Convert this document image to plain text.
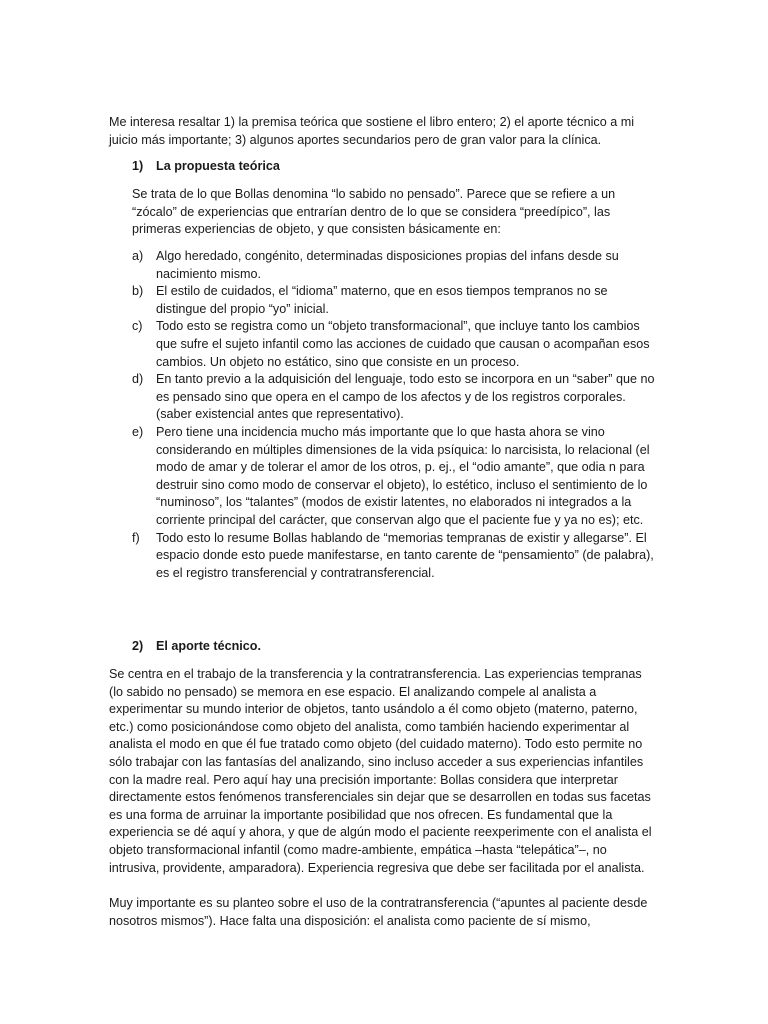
Me interesa resaltar 1) la premisa teórica que sostiene el libro entero; 2) el aporte técnico a mi juicio más importante; 3) algunos aportes secundarios pero de gran valor para la clínica.

1) La propuesta teórica

Se trata de lo que Bollas denomina “lo sabido no pensado”. Parece que se refiere a un “zócalo” de experiencias que entrarían dentro de lo que se considera “preedípico”, las primeras experiencias de objeto, y que consisten básicamente en:

a) Algo heredado, congénito, determinadas disposiciones propias del infans desde su nacimiento mismo.
b) El estilo de cuidados, el “idioma” materno, que en esos tiempos tempranos no se distingue del propio “yo” inicial.
c) Todo esto se registra como un “objeto transformacional”, que incluye tanto los cambios que sufre el sujeto infantil como las acciones de cuidado que causan o acompañan esos cambios. Un objeto no estático, sino que consiste en un proceso.
d) En tanto previo a la adquisición del lenguaje, todo esto se incorpora en un “saber” que no es pensado sino que opera en el campo de los afectos y de los registros corporales. (saber existencial antes que representativo).
e) Pero tiene una incidencia mucho más importante que lo que hasta ahora se vino considerando en múltiples dimensiones de la vida psíquica: lo narcisista, lo relacional (el modo de amar y de tolerar el amor de los otros, p. ej., el “odio amante”, que odia n para destruir sino como modo de conservar el objeto), lo estético, incluso el sentimiento de lo “numinoso”, los “talantes” (modos de existir latentes, no elaborados ni integrados a la corriente principal del carácter, que conservan algo que el paciente fue y ya no es); etc.
f) Todo esto lo resume Bollas hablando de “memorias tempranas de existir y allegarse”. El espacio donde esto puede manifestarse, en tanto carente de “pensamiento” (de palabra), es el registro transferencial y contratransferencial.
2) El aporte técnico.

Se centra en el trabajo de la transferencia y la contratransferencia. Las experiencias tempranas (lo sabido no pensado) se memora en ese espacio. El analizando compele al analista a experimentar su mundo interior de objetos, tanto usándolo a él como objeto (materno, paterno, etc.) como posicionándose como objeto del analista, como también haciendo experimentar al analista el modo en que él fue tratado como objeto (del cuidado materno). Todo esto permite no sólo trabajar con las fantasías del analizando, sino incluso acceder a sus experiencias infantiles con la madre real. Pero aquí hay una precisión importante: Bollas considera que interpretar directamente estos fenómenos transferenciales sin dejar que se desarrollen en todas sus facetas es una forma de arruinar la importante posibilidad que nos ofrecen. Es fundamental que la experiencia se dé aquí y ahora, y que de algún modo el paciente reexperimente con el analista el objeto transformacional infantil (como madre-ambiente, empática –hasta “telepática”–, no intrusiva, providente, amparadora). Experiencia regresiva que debe ser facilitada por el analista.

Muy importante es su planteo sobre el uso de la contratransferencia (“apuntes al paciente desde nosotros mismos”). Hace falta una disposición: el analista como paciente de sí mismo,
